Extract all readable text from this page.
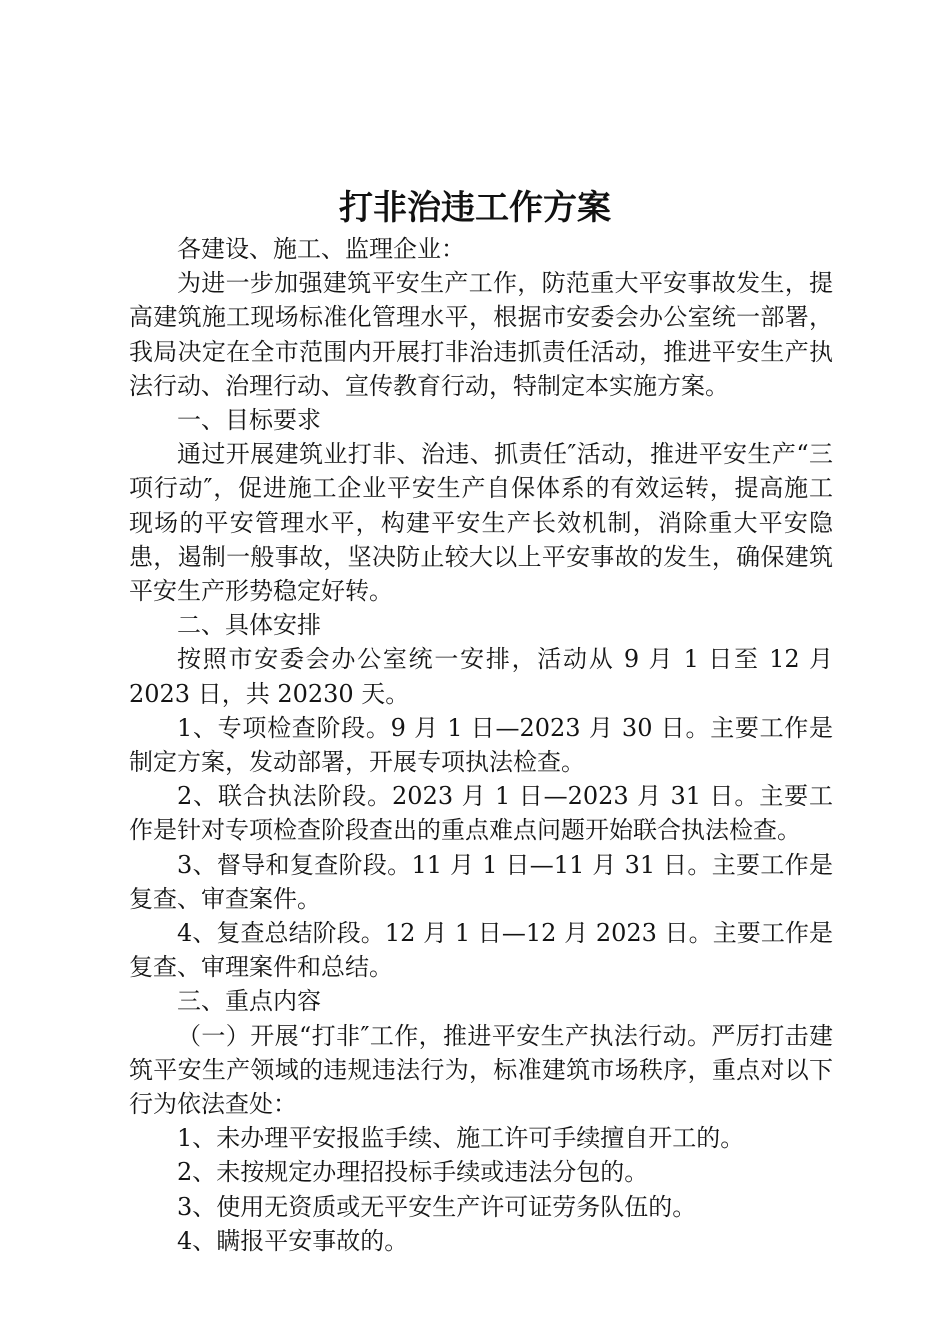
打非治违工作方案

各建设、施工、监理企业：

为进一步加强建筑平安生产工作，防范重大平安事故发生，提高建筑施工现场标准化管理水平，根据市安委会办公室统一部署，我局决定在全市范围内开展打非治违抓责任活动，推进平安生产执法行动、治理行动、宣传教育行动，特制定本实施方案。

一、目标要求

通过开展建筑业打非、治违、抓责任″活动，推进平安生产“三项行动″，促进施工企业平安生产自保体系的有效运转，提高施工现场的平安管理水平，构建平安生产长效机制，消除重大平安隐患，遏制一般事故，坚决防止较大以上平安事故的发生，确保建筑平安生产形势稳定好转。

二、具体安排

按照市安委会办公室统一安排，活动从 9 月 1 日至 12 月 2023 日，共 20230 天。

1、专项检查阶段。9 月 1 日—2023 月 30 日。主要工作是制定方案，发动部署，开展专项执法检查。

2、联合执法阶段。2023 月 1 日—2023 月 31 日。主要工作是针对专项检查阶段查出的重点难点问题开始联合执法检查。

3、督导和复查阶段。11 月 1 日—11 月 31 日。主要工作是复查、审查案件。

4、复查总结阶段。12 月 1 日—12 月 2023 日。主要工作是复查、审理案件和总结。

三、重点内容

（一）开展“打非″工作，推进平安生产执法行动。严厉打击建筑平安生产领域的违规违法行为，标准建筑市场秩序，重点对以下行为依法查处：

1、未办理平安报监手续、施工许可手续擅自开工的。

2、未按规定办理招投标手续或违法分包的。

3、使用无资质或无平安生产许可证劳务队伍的。

4、瞒报平安事故的。
